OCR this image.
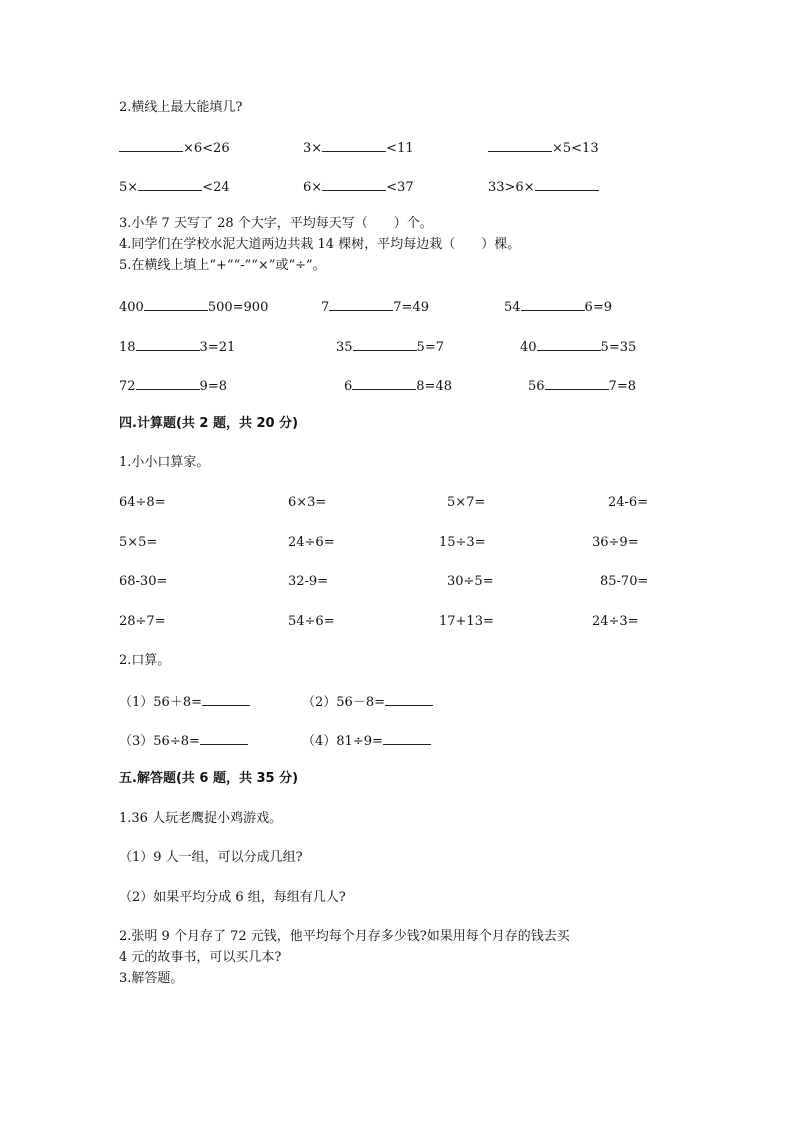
2.横线上最大能填几?
×6<26	3×	<11	×5<13
5×	<24	6×	<37	33>6×
3.小华 7 天写了 28 个大字，平均每天写（　　）个。
4.同学们在学校水泥大道两边共栽 14 棵树，平均每边栽（　　）棵。
5.在横线上填上“+”“-”“×”或“÷”。
400	500=900	7	7=49	54	6=9
18	3=21	35	5=7	40	5=35
72	9=8	6	8=48	56	7=8
四.计算题(共 2 题，共 20 分)
1.小小口算家。
64÷8=	6×3=	5×7=	24-6=
5×5=	24÷6=	15÷3=	36÷9=
68-30=	32-9=	30÷5=	85-70=
28÷7=	54÷6=	17+13=	24÷3=
2.口算。
（1）56＋8=	（2）56－8=
（3）56÷8=	（4）81÷9=
五.解答题(共 6 题，共 35 分)
1.36 人玩老鹰捉小鸡游戏。
（1）9 人一组，可以分成几组?
（2）如果平均分成 6 组，每组有几人?
2.张明 9 个月存了 72 元钱，他平均每个月存多少钱?如果用每个月存的钱去买
4 元的故事书，可以买几本?
3.解答题。
